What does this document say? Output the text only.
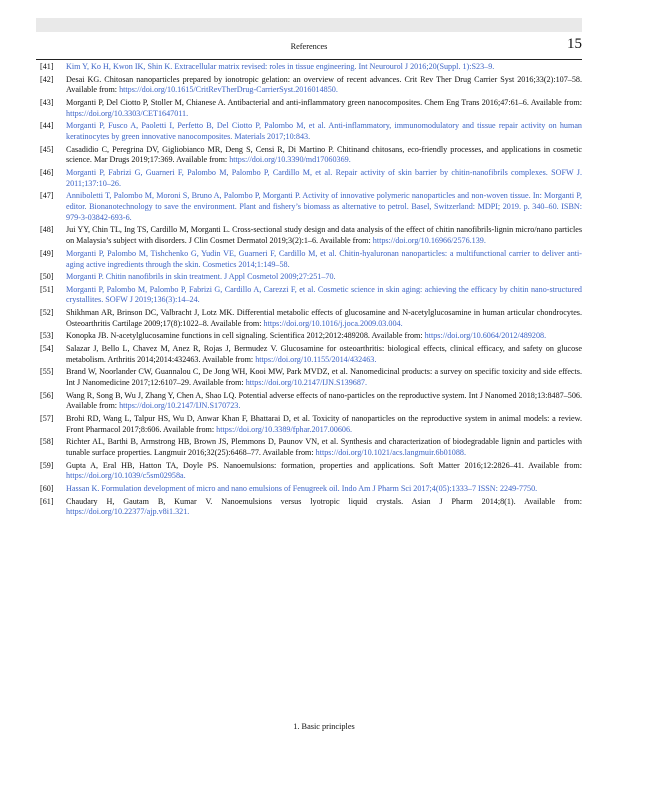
References	15
[41] Kim Y, Ko H, Kwon IK, Shin K. Extracellular matrix revised: roles in tissue engineering. Int Neurourol J 2016;20(Suppl. 1):S23–9.
[42] Desai KG. Chitosan nanoparticles prepared by ionotropic gelation: an overview of recent advances. Crit Rev Ther Drug Carrier Syst 2016;33(2):107–58. Available from: https://doi.org/10.1615/CritRevTherDrug-CarrierSyst.2016014850.
[43] Morganti P, Del Ciotto P, Stoller M, Chianese A. Antibacterial and anti-inflammatory green nanocomposites. Chem Eng Trans 2016;47:61–6. Available from: https://doi.org/10.3303/CET1647011.
[44] Morganti P, Fusco A, Paoletti I, Perfetto B, Del Ciotto P, Palombo M, et al. Anti-inflammatory, immunomodulatory and tissue repair activity on human keratinocytes by green innovative nanocomposites. Materials 2017;10:843.
[45] Casadidio C, Peregrina DV, Gigliobianco MR, Deng S, Censi R, Di Martino P. Chitinand chitosans, eco-friendly processes, and applications in cosmetic science. Mar Drugs 2019;17:369. Available from: https://doi.org/10.3390/md17060369.
[46] Morganti P, Fabrizi G, Guarneri F, Palombo M, Palombo P, Cardillo M, et al. Repair activity of skin barrier by chitin-nanofibrils complexes. SOFW J. 2011;137:10–26.
[47] Anniboletti T, Palombo M, Moroni S, Bruno A, Palombo P, Morganti P. Activity of innovative polymeric nanoparticles and non-woven tissue. In: Morganti P, editor. Bionanotechnology to save the environment. Plant and fishery’s biomass as alternative to petrol. Basel, Switzerland: MDPI; 2019. p. 340–60. ISBN: 979-3-03842-693-6.
[48] Jui YY, Chin TL, Ing TS, Cardillo M, Morganti L. Cross-sectional study design and data analysis of the effect of chitin nanofibrils-lignin micro/nano particles on Malaysia’s subject with disorders. J Clin Cosmet Dermatol 2019;3(2):1–6. Available from: https://doi.org/10.16966/2576.139.
[49] Morganti P, Palombo M, Tishchenko G, Yudin VE, Guarneri F, Cardillo M, et al. Chitin-hyaluronan nanoparticles: a multifunctional carrier to deliver anti-aging active ingredients through the skin. Cosmetics 2014;1:149–58.
[50] Morganti P. Chitin nanofibrils in skin treatment. J Appl Cosmetol 2009;27:251–70.
[51] Morganti P, Palombo M, Palombo P, Fabrizi G, Cardillo A, Carezzi F, et al. Cosmetic science in skin aging: achieving the efficacy by chitin nano-structured crystallites. SOFW J 2019;136(3):14–24.
[52] Shikhman AR, Brinson DC, Valbracht J, Lotz MK. Differential metabolic effects of glucosamine and N-acetylglucosamine in human articular chondrocytes. Osteoarthritis Cartilage 2009;17(8):1022–8. Available from: https://doi.org/10.1016/j.joca.2009.03.004.
[53] Konopka JB. N-acetylglucosamine functions in cell signaling. Scientifica 2012;2012:489208. Available from: https://doi.org/10.6064/2012/489208.
[54] Salazar J, Bello L, Chavez M, Anez R, Rojas J, Bermudez V. Glucosamine for osteoarthritis: biological effects, clinical efficacy, and safety on glucose metabolism. Arthritis 2014;2014:432463. Available from: https://doi.org/10.1155/2014/432463.
[55] Brand W, Noorlander CW, Guannalou C, De Jong WH, Kooi MW, Park MVDZ, et al. Nanomedicinal products: a survey on specific toxicity and side effects. Int J Nanomedicine 2017;12:6107–29. Available from: https://doi.org/10.2147/IJN.S139687.
[56] Wang R, Song B, Wu J, Zhang Y, Chen A, Shao LQ. Potential adverse effects of nano-particles on the reproductive system. Int J Nanomed 2018;13:8487–506. Available from: https://doi.org/10.2147/IJN.S170723.
[57] Brohi RD, Wang L, Talpur HS, Wu D, Anwar Khan F, Bhattarai D, et al. Toxicity of nanoparticles on the reproductive system in animal models: a review. Front Pharmacol 2017;8:606. Available from: https://doi.org/10.3389/fphar.2017.00606.
[58] Richter AL, Barthi B, Armstrong HB, Brown JS, Plemmons D, Paunov VN, et al. Synthesis and characterization of biodegradable lignin and particles with tunable surface properties. Langmuir 2016;32(25):6468–77. Available from: https://doi.org/10.1021/acs.langmuir.6b01088.
[59] Gupta A, Eral HB, Hatton TA, Doyle PS. Nanoemulsions: formation, properties and applications. Soft Matter 2016;12:2826–41. Available from: https://doi.org/10.1039/c5sm02958a.
[60] Hassan K. Formulation development of micro and nano emulsions of Fenugreek oil. Indo Am J Pharm Sci 2017;4(05):1333–7 ISSN: 2249-7750.
[61] Chaudary H, Gautam B, Kumar V. Nanoemulsions versus lyotropic liquid crystals. Asian J Pharm 2014;8(1). Available from: https://doi.org/10.22377/ajp.v8i1.321.
1. Basic principles
